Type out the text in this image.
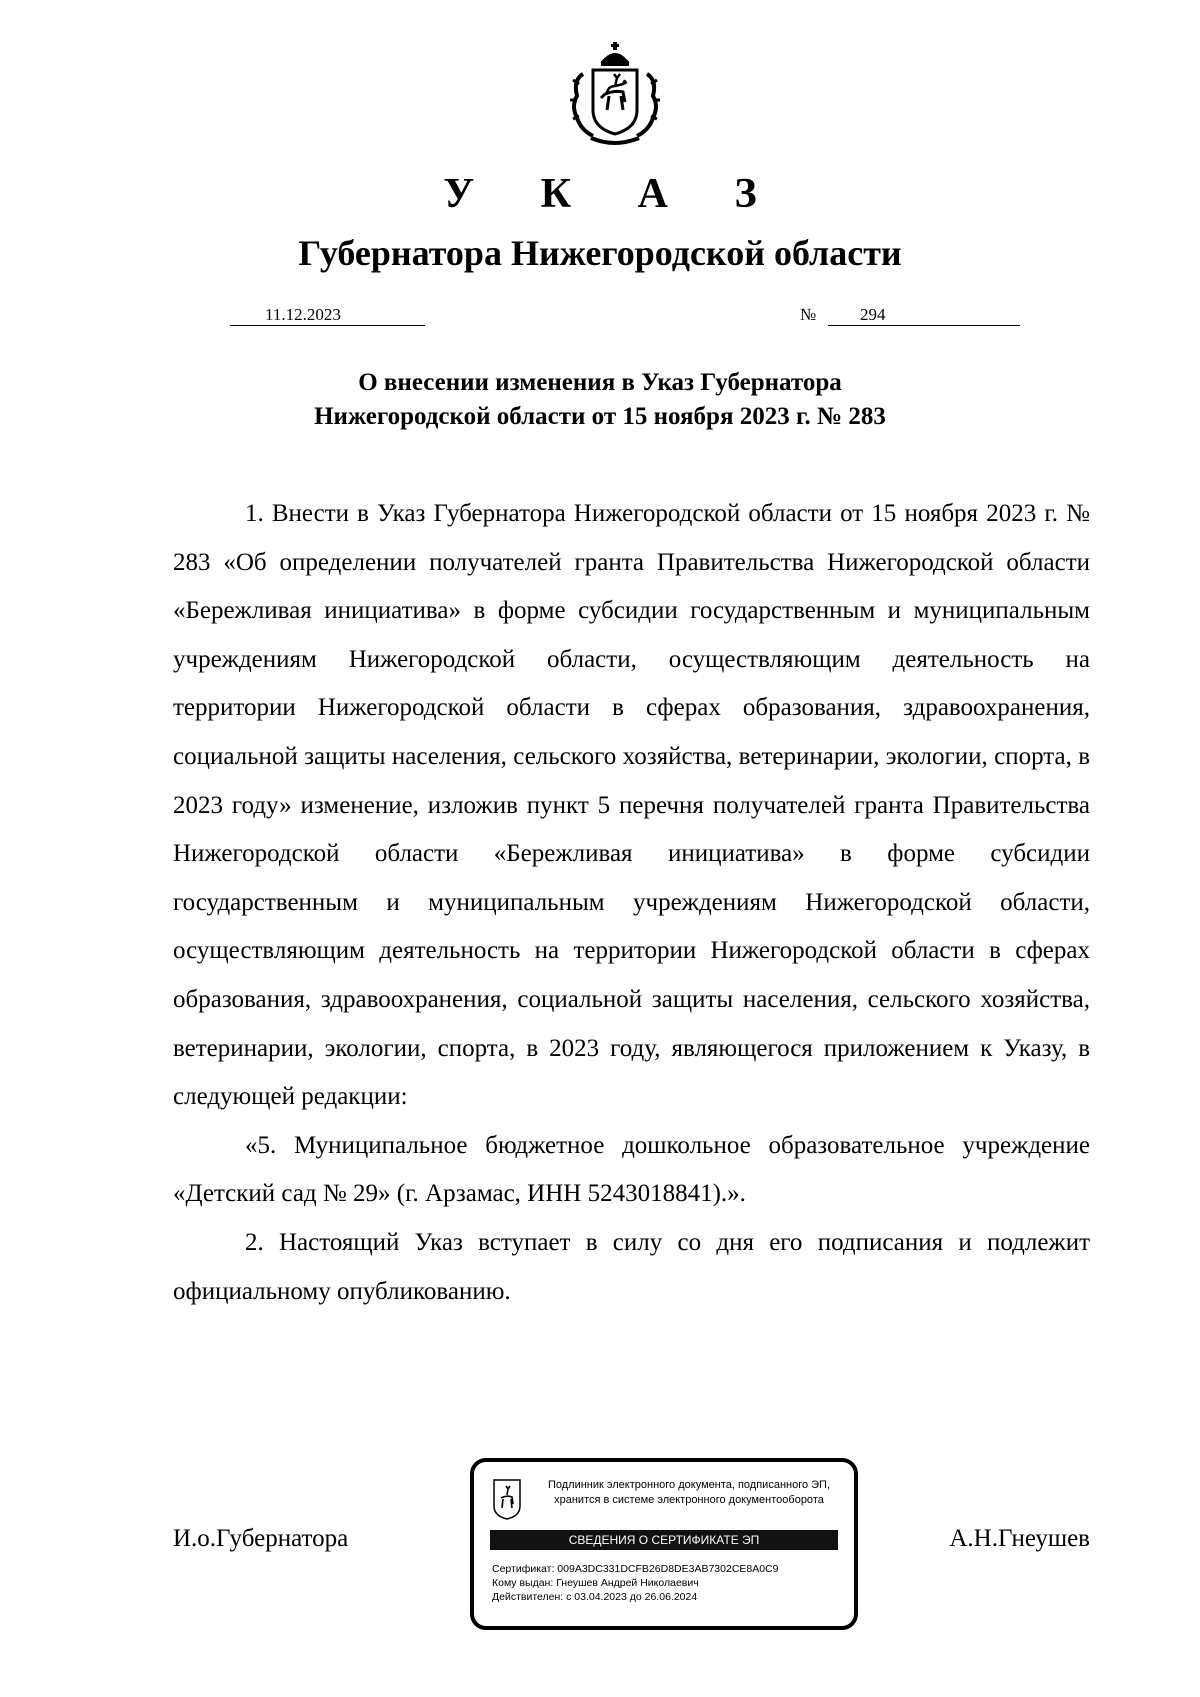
У К А З
Губернатора Нижегородской области
11.12.2023	№	294
О внесении изменения в Указ Губернатора
Нижегородской области от 15 ноября 2023 г. № 283

1. Внести в Указ Губернатора Нижегородской области от 15 ноября 2023 г. № 283 «Об определении получателей гранта Правительства Нижегородской области «Бережливая инициатива» в форме субсидии государственным и муниципальным учреждениям Нижегородской области, осуществляющим деятельность на территории Нижегородской области в сферах образования, здравоохранения, социальной защиты населения, сельского хозяйства, ветеринарии, экологии, спорта, в 2023 году» изменение, изложив пункт 5 перечня получателей гранта Правительства Нижегородской области «Бережливая инициатива» в форме субсидии государственным и муниципальным учреждениям Нижегородской области, осуществляющим деятельность на территории Нижегородской области в сферах образования, здравоохранения, социальной защиты населения, сельского хозяйства, ветеринарии, экологии, спорта, в 2023 году, являющегося приложением к Указу, в следующей редакции:

«5. Муниципальное бюджетное дошкольное образовательное учреждение «Детский сад № 29» (г. Арзамас, ИНН 5243018841).».

2. Настоящий Указ вступает в силу со дня его подписания и подлежит официальному опубликованию.

И.о.Губернатора	А.Н.Гнеушев
Подлинник электронного документа, подписанного ЭП,
хранится в системе электронного документооборота
СВЕДЕНИЯ О СЕРТИФИКАТЕ ЭП
Сертификат: 009A3DC331DCFB26D8DE3AB7302CE8A0C9
Кому выдан: Гнеушев Андрей Николаевич
Действителен: с 03.04.2023 до 26.06.2024
